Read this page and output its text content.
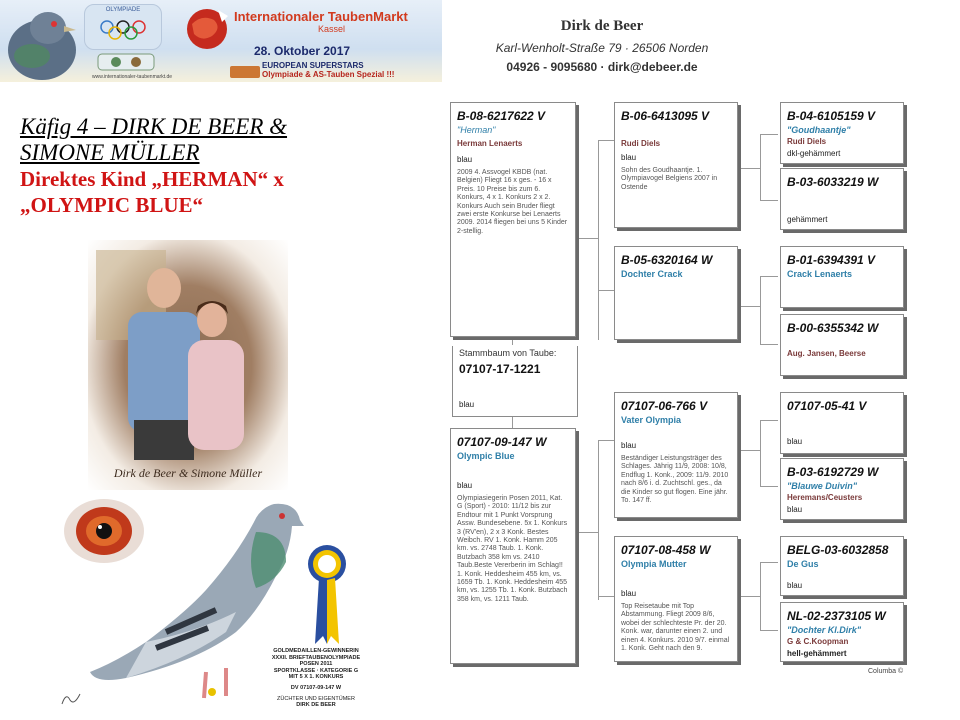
OLYMPIADE
www.internationaler-taubenmarkt.de
Internationaler TaubenMarkt
Kassel
28. Oktober 2017
EUROPEAN SUPERSTARS
Olympiade & AS-Tauben Spezial !!!
Käfig 4 – DIRK DE BEER &
SIMONE MÜLLER
Direktes Kind „HERMAN“ x
„OLYMPIC BLUE“
Dirk de Beer & Simone Müller
GOLDMEDAILLEN-GEWINNERIN
XXXII. BRIEFTAUBENOLYMPIADE
POSEN 2011
SPORTKLASSE · KATEGORIE G
MIT 5 X 1. KONKURS
DV 07107-09-147 W
ZÜCHTER UND EIGENTÜMER
DIRK DE BEER
Dirk de Beer
Karl-Wenholt-Straße 79 · 26506 Norden
04926 - 9095680 · dirk@debeer.de
B-08-6217622 V
"Herman"
Herman Lenaerts
blau
2009 4. Assvogel KBDB (nat. Belgien) Fliegt 16 x ges. - 16 x Preis. 10 Preise bis zum 6. Konkurs, 4 x 1. Konkurs 2 x 2. Konkurs Auch sein Bruder fliegt zwei erste Konkurse bei Lenaerts 2009. 2014 fliegen bei uns 5 Kinder 2-stellig.
Stammbaum von Taube:
07107-17-1221
blau
07107-09-147 W
Olympic Blue
blau
Olympiasiegerin Posen 2011, Kat. G (Sport) - 2010: 11/12 bis zur Endtour mit 1 Punkt Vorsprung Assw. Bundesebene. 5x 1. Konkurs 3 (RV'en), 2 x 3 Konk. Bestes Weibch. RV 1. Konk. Hamm 205 km. vs. 2748 Taub. 1. Konk. Butzbach 358 km vs. 2410 Taub.Beste Vererberin im Schlag!! 1. Konk. Heddesheim 455 km, vs. 1659 Tb. 1. Konk. Heddesheim 455 km, vs. 1255 Tb. 1. Konk. Butzbach 358 km, vs. 1211 Taub.
B-06-6413095 V
Rudi Diels
blau
Sohn des Goudhaantje. 1. Olympiavogel Belgiens 2007 in Ostende
B-05-6320164 W
Dochter Crack
07107-06-766 V
Vater Olympia
blau
Beständiger Leistungsträger des Schlages. Jährig 11/9, 2008: 10/8, Endflug 1. Konk., 2009: 11/9. 2010 nach 8/6 i. d. Zuchtschl. ges., da die Kinder so gut flogen. Eine jähr. To. 147 ff.
07107-08-458 W
Olympia Mutter
blau
Top Reisetaube mit Top Abstammung. Fliegt 2009 8/6, wobei der schlechteste Pr. der 20. Konk. war, darunter einen 2. und einen 4. Konkurs. 2010 9/7. einmal 1. Konk. Geht nach den 9.
B-04-6105159 V
"Goudhaantje"
Rudi Diels
dkl-gehämmert
B-03-6033219 W
gehämmert
B-01-6394391 V
Crack Lenaerts
B-00-6355342 W
Aug. Jansen, Beerse
07107-05-41 V
blau
B-03-6192729 W
"Blauwe Duivin"
Heremans/Ceusters
blau
BELG-03-6032858
De Gus
blau
NL-02-2373105 W
"Dochter Kl.Dirk"
G & C.Koopman
hell-gehämmert
Columba ©
